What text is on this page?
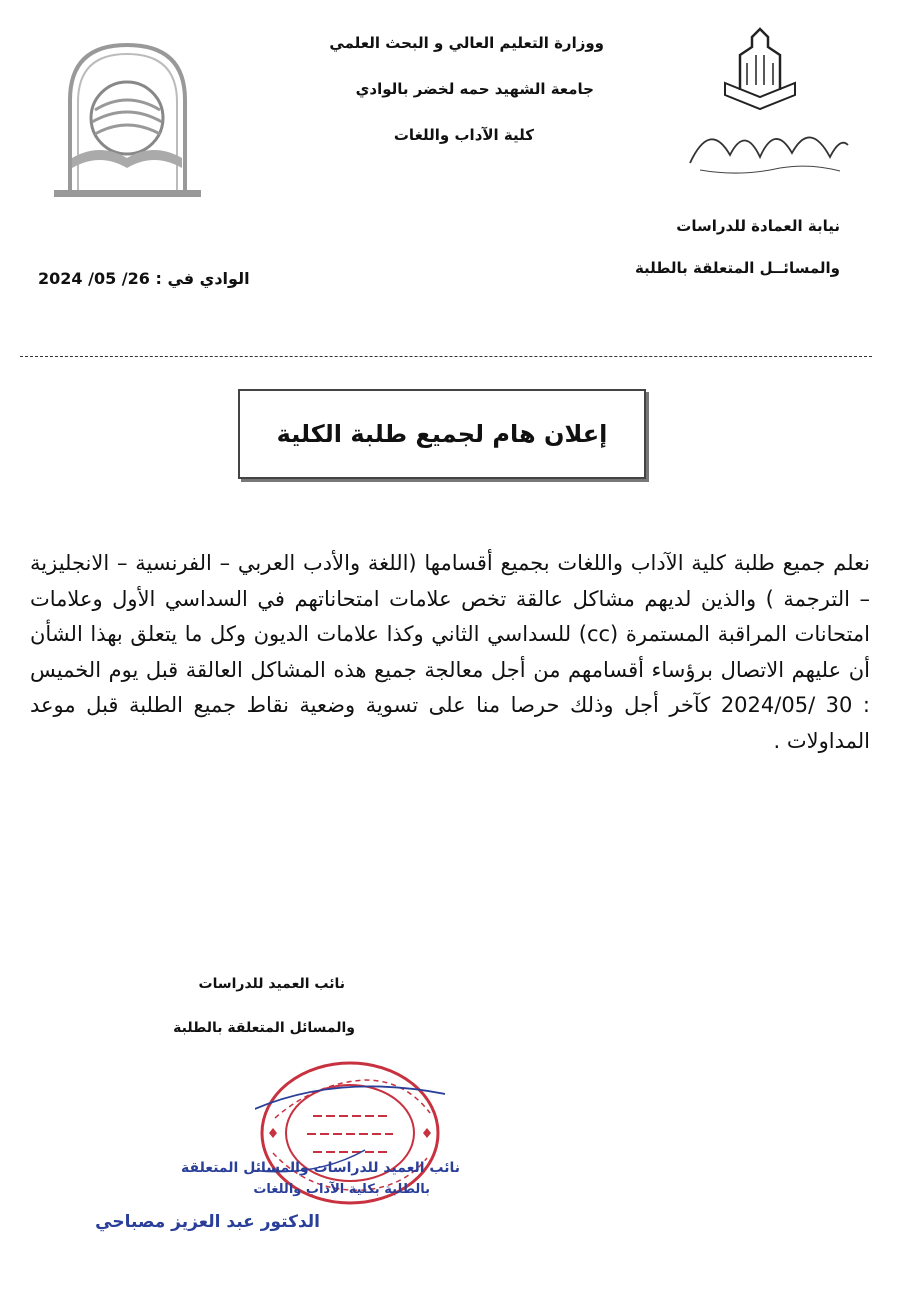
ووزارة التعليم العالي و البحث العلمي
جامعة الشهيد حمه لخضر بالوادي
كلية الآداب واللغات
نيابة العمادة للدراسات
والمسائــل المتعلقة بالطلبة
الوادي في : 26/ 05/ 2024
إعلان هام لجميع طلبة الكلية
نعلم جميع طلبة كلية الآداب واللغات بجميع أقسامها (اللغة والأدب العربي – الفرنسية – الانجليزية – الترجمة ) والذين لديهم مشاكل عالقة تخص علامات امتحاناتهم في السداسي الأول وعلامات امتحانات المراقبة المستمرة (cc) للسداسي الثاني وكذا علامات الديون وكل ما يتعلق بهذا الشأن أن عليهم الاتصال برؤساء أقسامهم من أجل معالجة جميع هذه المشاكل العالقة قبل يوم الخميس : 30 /2024/05 كآخر أجل وذلك حرصا منا على تسوية وضعية نقاط جميع الطلبة قبل موعد المداولات .
نائب العميد للدراسات
والمسائل المتعلقة بالطلبة
نائب العميد للدراسات والمسائل المتعلقة
بالطلبة بكلية الآداب واللغات
الدكتور عبد العزيز مصباحي
